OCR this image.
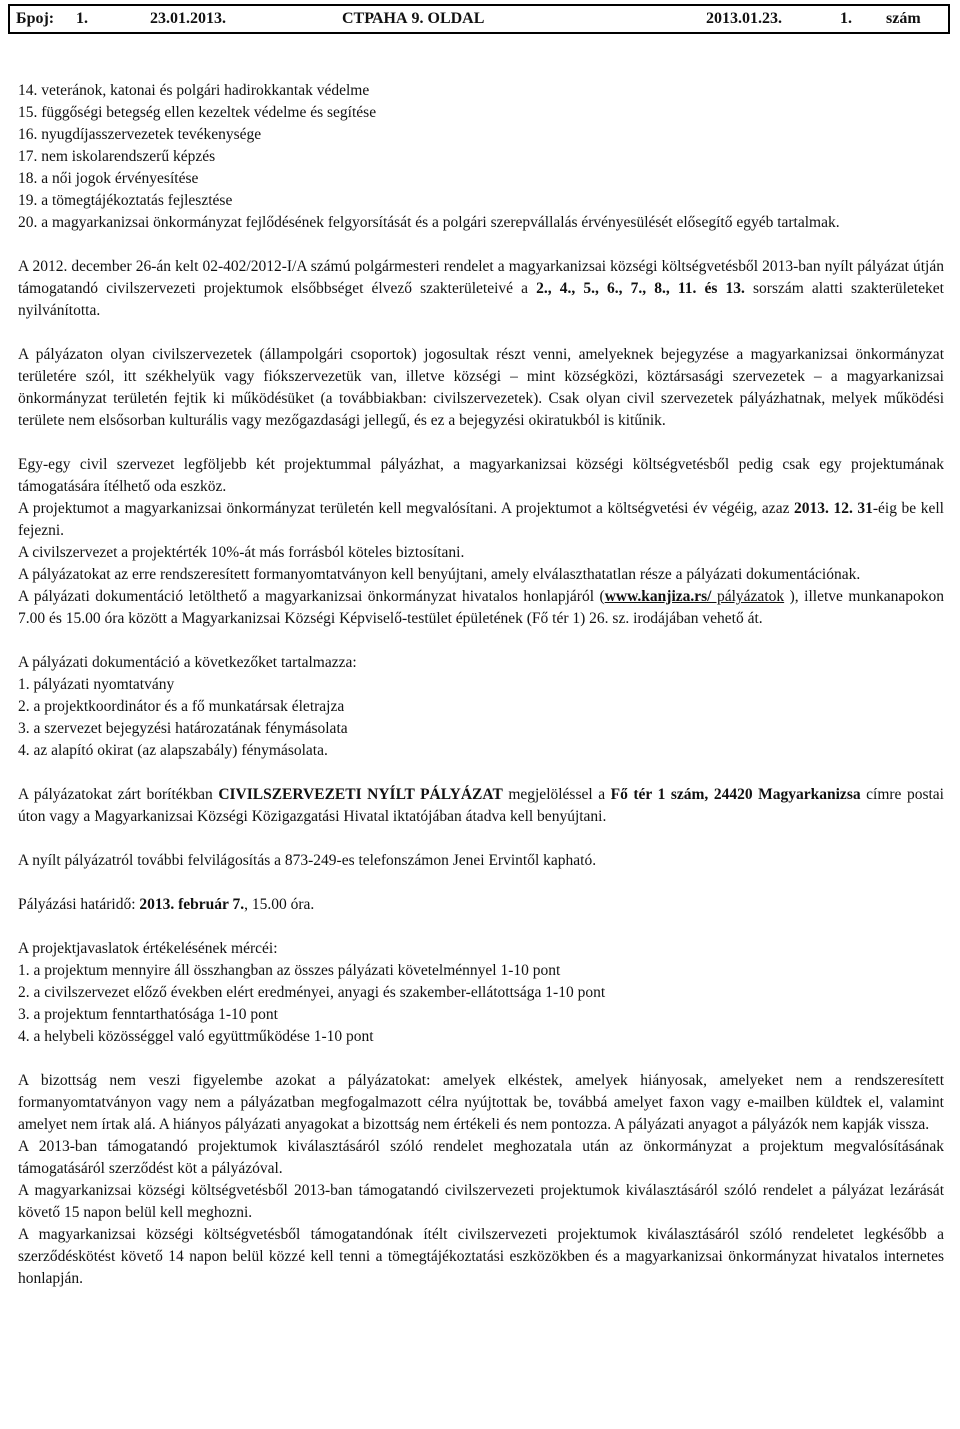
Број: 1.	23.01.2013.	СТРАНА 9. OLDAL	2013.01.23.	1. szám
14. veteránok, katonai és polgári hadirokkantak védelme
15. függőségi betegség ellen kezeltek védelme és segítése
16. nyugdíjasszervezetek tevékenysége
17. nem iskolarendszerű képzés
18. a női jogok érvényesítése
19. a tömegtájékoztatás fejlesztése
20. a magyarkanizsai önkormányzat fejlődésének felgyorsítását és a polgári szerepvállalás érvényesülését elősegítő egyéb tartalmak.
A 2012. december 26-án kelt 02-402/2012-I/A számú polgármesteri rendelet a magyarkanizsai községi költségvetésből 2013-ban nyílt pályázat útján támogatandó civilszervezeti projektumok elsőbbséget élvező szakterületeivé a 2., 4., 5., 6., 7., 8., 11. és 13. sorszám alatti szakterületeket nyilvánította.
A pályázaton olyan civilszervezetek (állampolgári csoportok) jogosultak részt venni, amelyeknek bejegyzése a magyarkanizsai önkormányzat területére szól, itt székhelyük vagy fiókszervezetük van, illetve községi – mint községközi, köztársasági szervezetek – a magyarkanizsai önkormányzat területén fejtik ki működésüket (a továbbiakban: civilszervezetek). Csak olyan civil szervezetek pályázhatnak, melyek működési területe nem elsősorban kulturális vagy mezőgazdasági jellegű, és ez a bejegyzési okiratukból is kitűnik.
Egy-egy civil szervezet legföljebb két projektummal pályázhat, a magyarkanizsai községi költségvetésből pedig csak egy projektumának támogatására ítélhető oda eszköz.
A projektumot a magyarkanizsai önkormányzat területén kell megvalósítani. A projektumot a költségvetési év végéig, azaz 2013. 12. 31-éig be kell fejezni.
A civilszervezet a projektérték 10%-át más forrásból köteles biztosítani.
A pályázatokat az erre rendszeresített formanyomtatványon kell benyújtani, amely elválaszthatatlan része a pályázati dokumentációnak.
A pályázati dokumentáció letölthető a magyarkanizsai önkormányzat hivatalos honlapjáról (www.kanjiza.rs/ pályázatok ), illetve munkanapokon 7.00 és 15.00 óra között a Magyarkanizsai Községi Képviselő-testület épületének (Fő tér 1) 26. sz. irodájában vehető át.
A pályázati dokumentáció a következőket tartalmazza:
1. pályázati nyomtatvány
2. a projektkoordinátor és a fő munkatársak életrajza
3. a szervezet bejegyzési határozatának fénymásolata
4. az alapító okirat (az alapszabály) fénymásolata.
A pályázatokat zárt borítékban CIVILSZERVEZETI NYÍLT PÁLYÁZAT megjelöléssel a Fő tér 1 szám, 24420 Magyarkanizsa címre postai úton vagy a Magyarkanizsai Községi Közigazgatási Hivatal iktatójában átadva kell benyújtani.
A nyílt pályázatról további felvilágosítás a 873-249-es telefonszámon Jenei Ervintől kapható.
Pályázási határidő: 2013. február 7., 15.00 óra.
A projektjavaslatok értékelésének mércéi:
1. a projektum mennyire áll összhangban az összes pályázati követelménnyel 1-10 pont
2. a civilszervezet előző években elért eredményei, anyagi és szakember-ellátottsága 1-10 pont
3. a projektum fenntarthatósága 1-10 pont
4. a helybeli közösséggel való együttműködése 1-10 pont
A bizottság nem veszi figyelembe azokat a pályázatokat: amelyek elkéstek, amelyek hiányosak, amelyeket nem a rendszeresített formanyomtatványon vagy nem a pályázatban megfogalmazott célra nyújtottak be, továbbá amelyet faxon vagy e-mailben küldtek el, valamint amelyet nem írtak alá. A hiányos pályázati anyagokat a bizottság nem értékeli és nem pontozza. A pályázati anyagot a pályázók nem kapják vissza.
A 2013-ban támogatandó projektumok kiválasztásáról szóló rendelet meghozatala után az önkormányzat a projektum megvalósításának támogatásáról szerződést köt a pályázóval.
A magyarkanizsai községi költségvetésből 2013-ban támogatandó civilszervezeti projektumok kiválasztásáról szóló rendelet a pályázat lezárását követő 15 napon belül kell meghozni.
A magyarkanizsai községi költségvetésből támogatandónak ítélt civilszervezeti projektumok kiválasztásáról szóló rendeletet legkésőbb a szerződéskötést követő 14 napon belül közzé kell tenni a tömegtájékoztatási eszközökben és a magyarkanizsai önkormányzat hivatalos internetes honlapján.
